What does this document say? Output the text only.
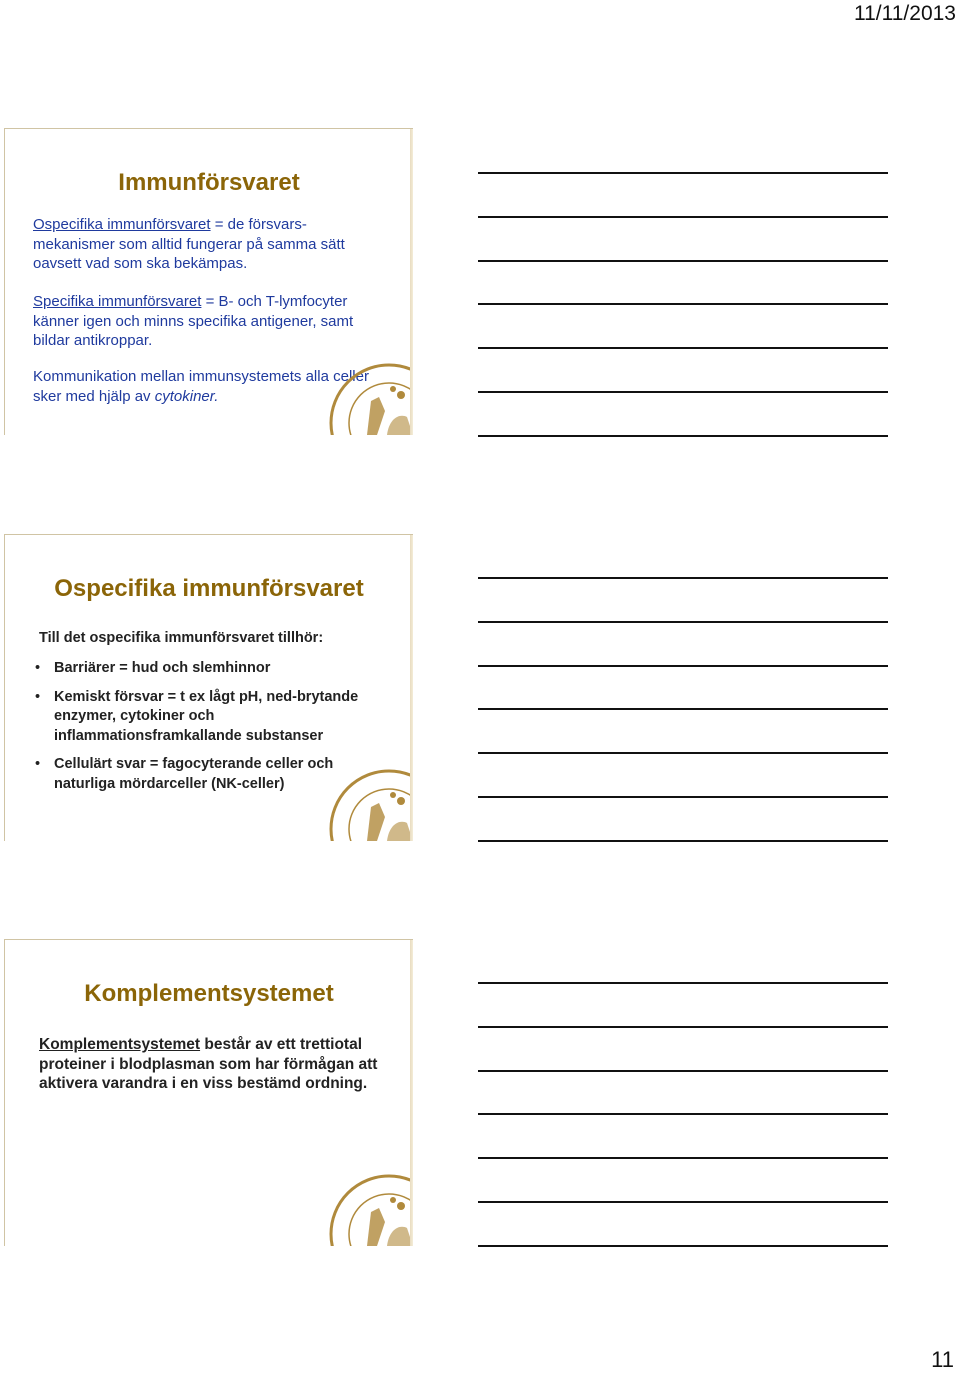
11/11/2013
Immunförsvaret
Ospecifika immunförsvaret = de försvars-mekanismer som alltid fungerar på samma sätt oavsett vad som ska bekämpas.
Specifika immunförsvaret = B- och T-lymfocyter känner igen och minns specifika antigener, samt bildar antikroppar.
Kommunikation mellan immunsystemets alla celler sker med hjälp av cytokiner.
Ospecifika immunförsvaret
Till det ospecifika immunförsvaret tillhör:
• Barriärer = hud och slemhinnor
• Kemiskt försvar = t ex lågt pH, ned-brytande enzymer, cytokiner och inflammationsframkallande substanser
• Cellulärt svar = fagocyterande celler och naturliga mördarceller (NK-celler)
Komplementsystemet
Komplementsystemet består av ett trettiotal proteiner i blodplasman som har förmågan att aktivera varandra i en viss bestämd ordning.
11
